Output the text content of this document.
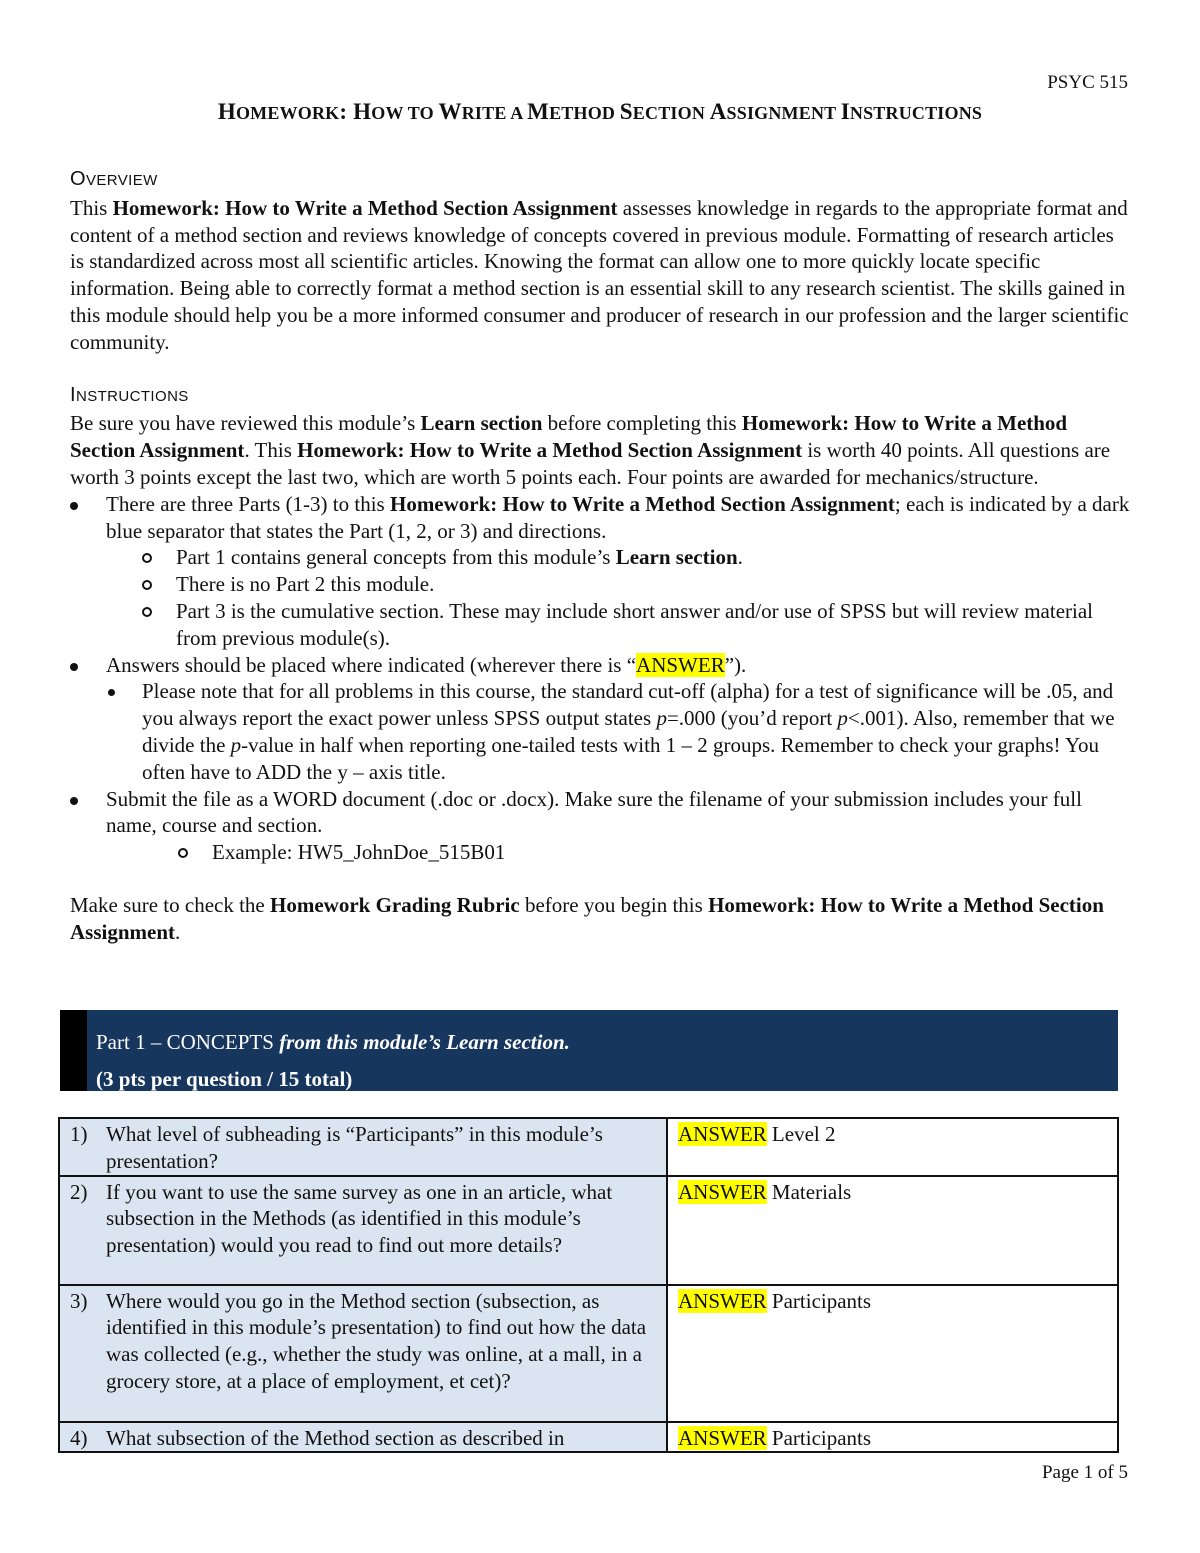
PSYC 515
HOMEWORK: HOW TO WRITE A METHOD SECTION ASSIGNMENT INSTRUCTIONS
OVERVIEW

This Homework: How to Write a Method Section Assignment assesses knowledge in regards to the appropriate format and content of a method section and reviews knowledge of concepts covered in previous module. Formatting of research articles is standardized across most all scientific articles. Knowing the format can allow one to more quickly locate specific information. Being able to correctly format a method section is an essential skill to any research scientist. The skills gained in this module should help you be a more informed consumer and producer of research in our profession and the larger scientific community.

INSTRUCTIONS

Be sure you have reviewed this module’s Learn section before completing this Homework: How to Write a Method Section Assignment. This Homework: How to Write a Method Section Assignment is worth 40 points. All questions are worth 3 points except the last two, which are worth 5 points each. Four points are awarded for mechanics/structure.

There are three Parts (1-3) to this Homework: How to Write a Method Section Assignment; each is indicated by a dark blue separator that states the Part (1, 2, or 3) and directions.
Part 1 contains general concepts from this module’s Learn section.
There is no Part 2 this module.
Part 3 is the cumulative section. These may include short answer and/or use of SPSS but will review material from previous module(s).
Answers should be placed where indicated (wherever there is “ANSWER”).
Please note that for all problems in this course, the standard cut-off (alpha) for a test of significance will be .05, and you always report the exact power unless SPSS output states p=.000 (you’d report p<.001). Also, remember that we divide the p-value in half when reporting one-tailed tests with 1 – 2 groups. Remember to check your graphs! You often have to ADD the y – axis title.
Submit the file as a WORD document (.doc or .docx). Make sure the filename of your submission includes your full name, course and section.
Example: HW5_JohnDoe_515B01

Make sure to check the Homework Grading Rubric before you begin this Homework: How to Write a Method Section Assignment.

Part 1 – CONCEPTS from this module’s Learn section.
(3 pts per question / 15 total)
1) What level of subheading is “Participants” in this module’s presentation?	ANSWER Level 2

2) If you want to use the same survey as one in an article, what subsection in the Methods (as identified in this module’s presentation) would you read to find out more details?	ANSWER Materials

3) Where would you go in the Method section (subsection, as identified in this module’s presentation) to find out how the data was collected (e.g., whether the study was online, at a mall, in a grocery store, at a place of employment, et cet)?	ANSWER Participants

4) What subsection of the Method section as described in	ANSWER Participants
Page 1 of 5
